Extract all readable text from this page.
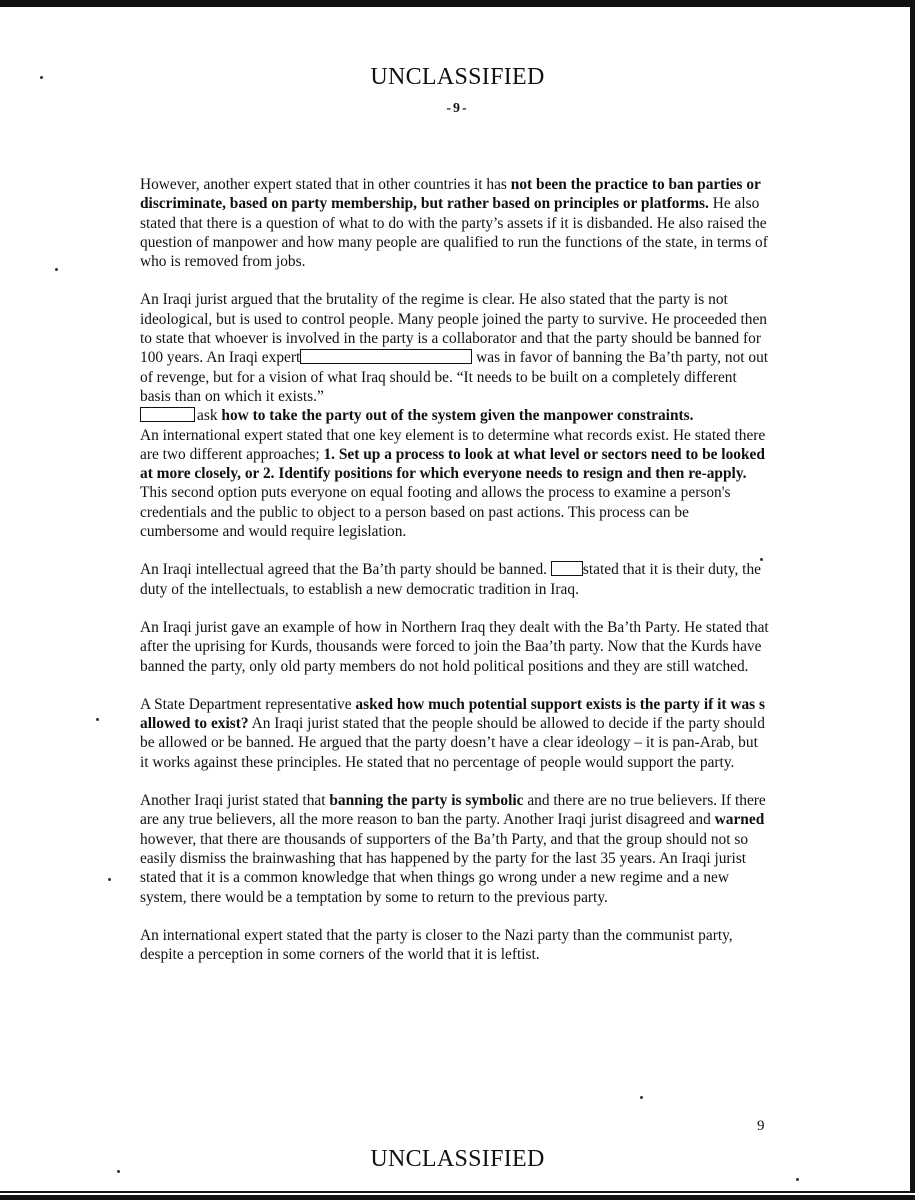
UNCLASSIFIED
-9-

However, another expert stated that in other countries it has not been the practice to ban parties or discriminate, based on party membership, but rather based on principles or platforms. He also stated that there is a question of what to do with the party’s assets if it is disbanded. He also raised the question of manpower and how many people are qualified to run the functions of the state, in terms of who is removed from jobs.

An Iraqi jurist argued that the brutality of the regime is clear. He also stated that the party is not ideological, but is used to control people. Many people joined the party to survive. He proceeded then to state that whoever is involved in the party is a collaborator and that the party should be banned for 100 years. An Iraqi expert	was in favor of banning the Ba’th party, not out of revenge, but for a vision of what Iraq should be. “It needs to be built on a completely different basis than on which it exists.”
ask how to take the party out of the system given the manpower constraints.

An international expert stated that one key element is to determine what records exist. He stated there are two different approaches; 1. Set up a process to look at what level or sectors need to be looked at more closely, or 2. Identify positions for which everyone needs to resign and then re-apply. This second option puts everyone on equal footing and allows the process to examine a person's credentials and the public to object to a person based on past actions. This process can be cumbersome and would require legislation.

An Iraqi intellectual agreed that the Ba’th party should be banned. stated that it is their duty, the duty of the intellectuals, to establish a new democratic tradition in Iraq.

An Iraqi jurist gave an example of how in Northern Iraq they dealt with the Ba’th Party. He stated that after the uprising for Kurds, thousands were forced to join the Baa’th party. Now that the Kurds have banned the party, only old party members do not hold political positions and they are still watched.

A State Department representative asked how much potential support exists is the party if it was s allowed to exist? An Iraqi jurist stated that the people should be allowed to decide if the party should be allowed or be banned. He argued that the party doesn’t have a clear ideology – it is pan-Arab, but it works against these principles. He stated that no percentage of people would support the party.

Another Iraqi jurist stated that banning the party is symbolic and there are no true believers. If there are any true believers, all the more reason to ban the party. Another Iraqi jurist disagreed and warned however, that there are thousands of supporters of the Ba’th Party, and that the group should not so easily dismiss the brainwashing that has happened by the party for the last 35 years. An Iraqi jurist stated that it is a common knowledge that when things go wrong under a new regime and a new system, there would be a temptation by some to return to the previous party.

An international expert stated that the party is closer to the Nazi party than the communist party, despite a perception in some corners of the world that it is leftist.

9
UNCLASSIFIED
